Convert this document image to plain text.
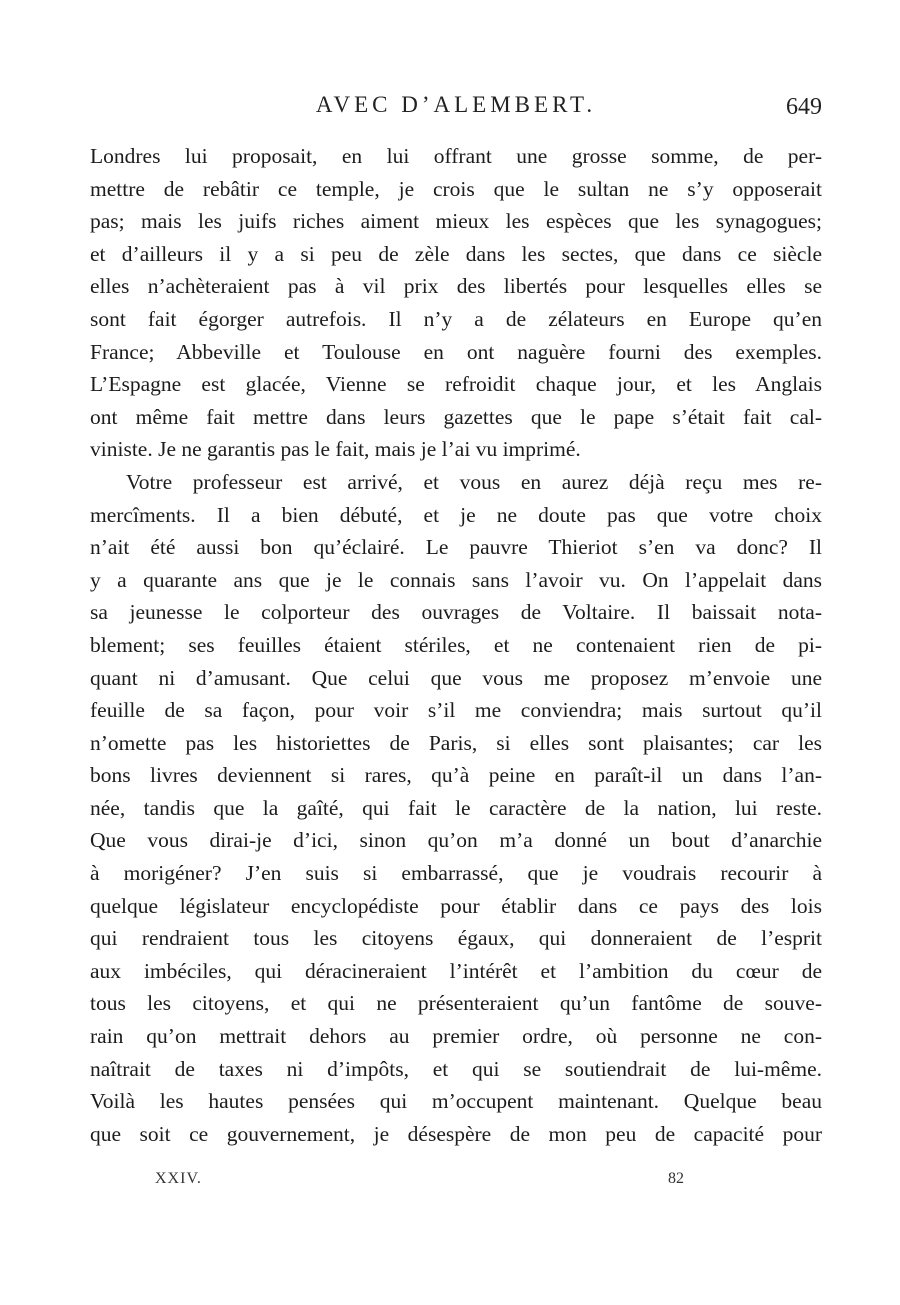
AVEC D’ALEMBERT.	649
Londres lui proposait, en lui offrant une grosse somme, de per-
mettre de rebâtir ce temple, je crois que le sultan ne s’y opposerait
pas; mais les juifs riches aiment mieux les espèces que les synagogues;
et d’ailleurs il y a si peu de zèle dans les sectes, que dans ce siècle
elles n’achèteraient pas à vil prix des libertés pour lesquelles elles se
sont fait égorger autrefois. Il n’y a de zélateurs en Europe qu’en
France; Abbeville et Toulouse en ont naguère fourni des exemples.
L’Espagne est glacée, Vienne se refroidit chaque jour, et les Anglais
ont même fait mettre dans leurs gazettes que le pape s’était fait cal-
viniste. Je ne garantis pas le fait, mais je l’ai vu imprimé.
Votre professeur est arrivé, et vous en aurez déjà reçu mes re-
mercîments. Il a bien débuté, et je ne doute pas que votre choix
n’ait été aussi bon qu’éclairé. Le pauvre Thieriot s’en va donc? Il
y a quarante ans que je le connais sans l’avoir vu. On l’appelait dans
sa jeunesse le colporteur des ouvrages de Voltaire. Il baissait nota-
blement; ses feuilles étaient stériles, et ne contenaient rien de pi-
quant ni d’amusant. Que celui que vous me proposez m’envoie une
feuille de sa façon, pour voir s’il me conviendra; mais surtout qu’il
n’omette pas les historiettes de Paris, si elles sont plaisantes; car les
bons livres deviennent si rares, qu’à peine en paraît-il un dans l’an-
née, tandis que la gaîté, qui fait le caractère de la nation, lui reste.
Que vous dirai-je d’ici, sinon qu’on m’a donné un bout d’anarchie
à morigéner? J’en suis si embarrassé, que je voudrais recourir à
quelque législateur encyclopédiste pour établir dans ce pays des lois
qui rendraient tous les citoyens égaux, qui donneraient de l’esprit
aux imbéciles, qui déracineraient l’intérêt et l’ambition du cœur de
tous les citoyens, et qui ne présenteraient qu’un fantôme de souve-
rain qu’on mettrait dehors au premier ordre, où personne ne con-
naîtrait de taxes ni d’impôts, et qui se soutiendrait de lui-même.
Voilà les hautes pensées qui m’occupent maintenant. Quelque beau
que soit ce gouvernement, je désespère de mon peu de capacité pour
XXIV.	82
